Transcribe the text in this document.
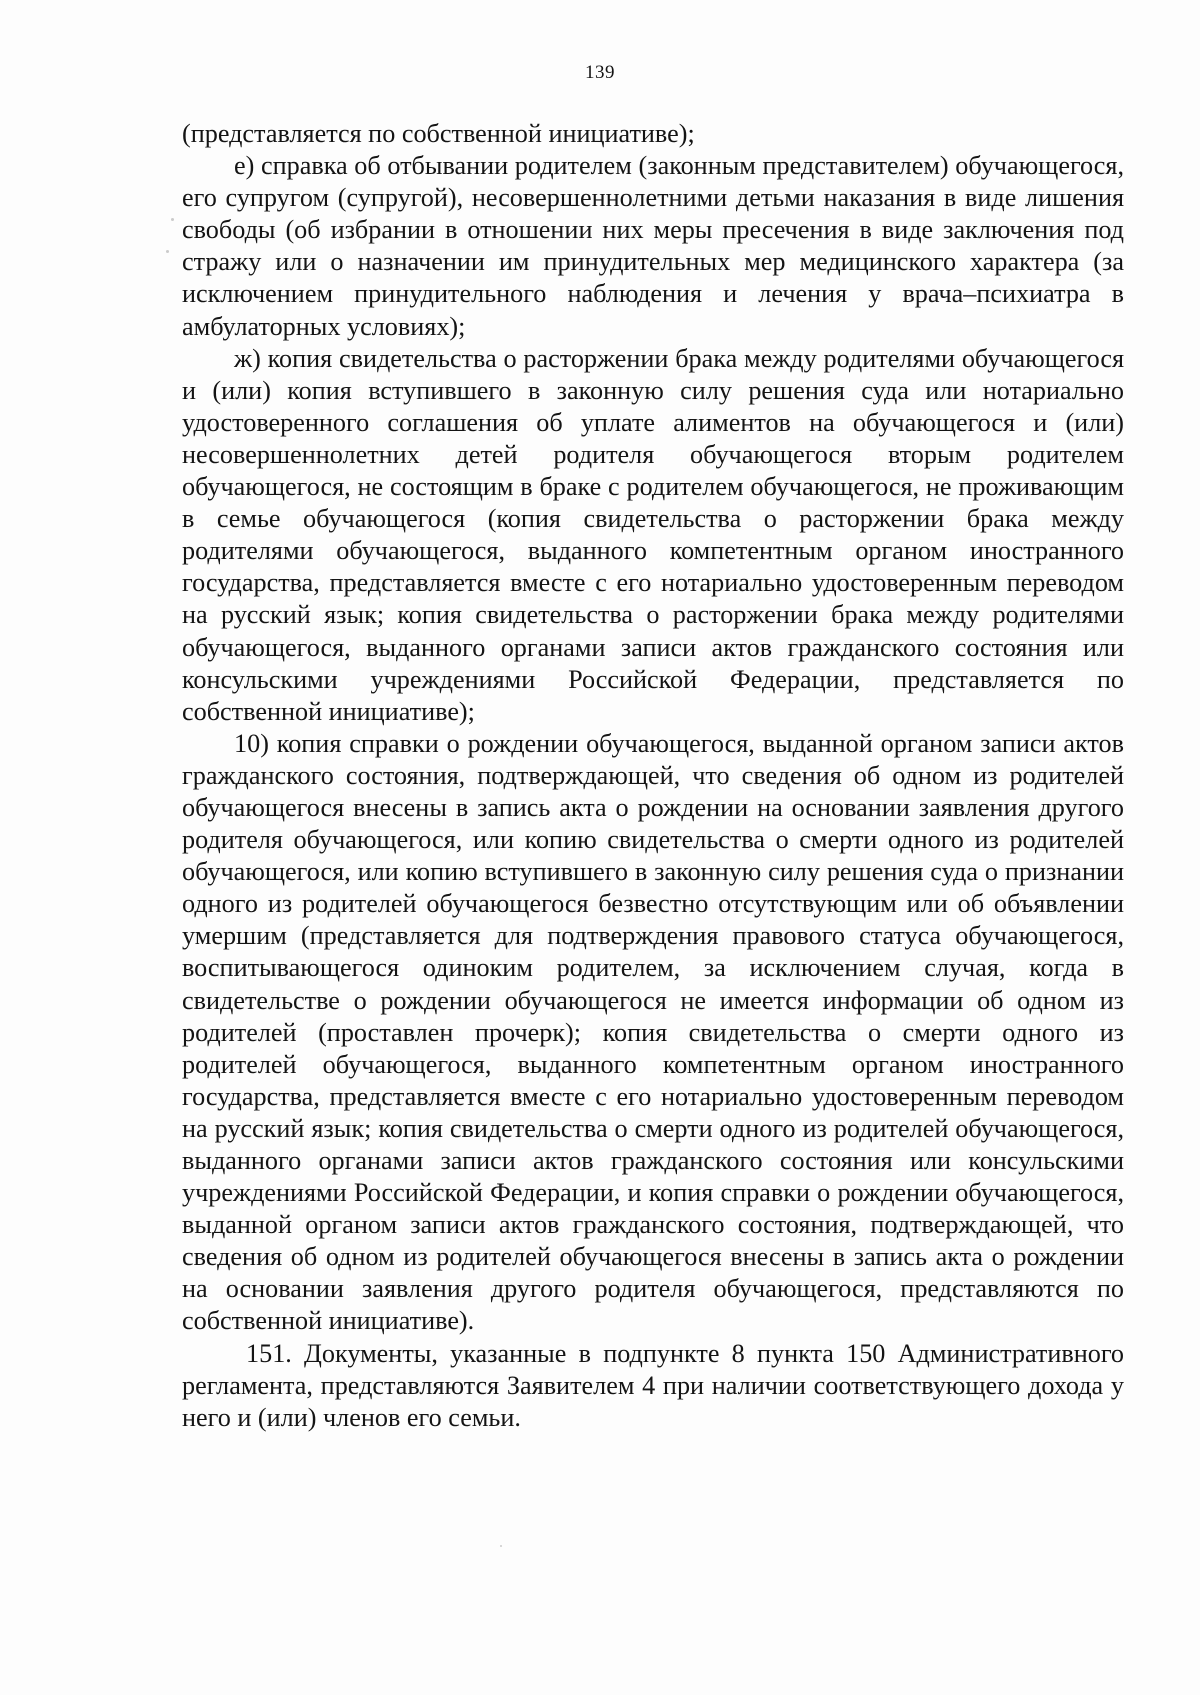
139

(представляется по собственной инициативе);

е) справка об отбывании родителем (законным представителем) обучающегося, его супругом (супругой), несовершеннолетними детьми наказания в виде лишения свободы (об избрании в отношении них меры пресечения в виде заключения под стражу или о назначении им принудительных мер медицинского характера (за исключением принудительного наблюдения и лечения у врача–психиатра в амбулаторных условиях);

ж) копия свидетельства о расторжении брака между родителями обучающегося и (или) копия вступившего в законную силу решения суда или нотариально удостоверенного соглашения об уплате алиментов на обучающегося и (или) несовершеннолетних детей родителя обучающегося вторым родителем обучающегося, не состоящим в браке с родителем обучающегося, не проживающим в семье обучающегося (копия свидетельства о расторжении брака между родителями обучающегося, выданного компетентным органом иностранного государства, представляется вместе с его нотариально удостоверенным переводом на русский язык; копия свидетельства о расторжении брака между родителями обучающегося, выданного органами записи актов гражданского состояния или консульскими учреждениями Российской Федерации, представляется по собственной инициативе);

10) копия справки о рождении обучающегося, выданной органом записи актов гражданского состояния, подтверждающей, что сведения об одном из родителей обучающегося внесены в запись акта о рождении на основании заявления другого родителя обучающегося, или копию свидетельства о смерти одного из родителей обучающегося, или копию вступившего в законную силу решения суда о признании одного из родителей обучающегося безвестно отсутствующим или об объявлении умершим (представляется для подтверждения правового статуса обучающегося, воспитывающегося одиноким родителем, за исключением случая, когда в свидетельстве о рождении обучающегося не имеется информации об одном из родителей (проставлен прочерк); копия свидетельства о смерти одного из родителей обучающегося, выданного компетентным органом иностранного государства, представляется вместе с его нотариально удостоверенным переводом на русский язык; копия свидетельства о смерти одного из родителей обучающегося, выданного органами записи актов гражданского состояния или консульскими учреждениями Российской Федерации, и копия справки о рождении обучающегося, выданной органом записи актов гражданского состояния, подтверждающей, что сведения об одном из родителей обучающегося внесены в запись акта о рождении на основании заявления другого родителя обучающегося, представляются по собственной инициативе).

151. Документы, указанные в подпункте 8 пункта 150 Административного регламента, представляются Заявителем 4 при наличии соответствующего дохода у него и (или) членов его семьи.
